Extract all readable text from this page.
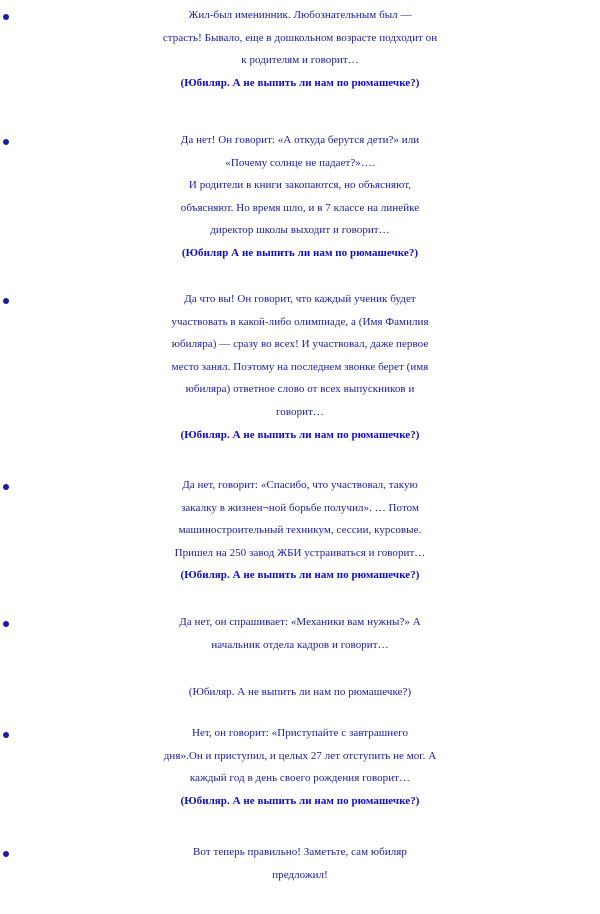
Жил-был именинник. Любознательным был —
страсть! Бывало, еще в дошкольном возрасте подходит он
к родителям и говорит…
(Юбиляр. А не выпить ли нам по рюмашечке?)
Да нет! Он говорит: «А откуда берутся дети?» или
«Почему солнце не падает?»….
И родители в книги закопаются, но объясняют,
объясняют. Но время шло, и в 7 классе на линейке
директор школы выходит и говорит…
(Юбиляр А не выпить ли нам по рюмашечке?)
Да что вы! Он говорит, что каждый ученик будет
участвовать в какой-либо олимпиаде, а (Имя Фамилия
юбиляра) — сразу во всех! И участвовал, даже первое
место занял. Поэтому на последнем звонке берет (имя
юбиляра) ответное слово от всех выпускников и
говорит…
(Юбиляр. А не выпить ли нам по рюмашечке?)
Да нет, говорит: «Спасибо, что участвовал, такую
закалку в жизнен¬ной борьбе получил». … Потом
машиностроительный техникум, сессии, курсовые.
Пришел на 250 завод ЖБИ устраиваться и говорит…
(Юбиляр. А не выпить ли нам по рюмашечке?)
Да нет, он спрашивает: «Механики вам нужны?» А
начальник отдела кадров и говорит…
(Юбиляр. А не выпить ли нам по рюмашечке?)
Нет, он говорит: «Приступайте с завтрашнего
дня».Он и приступил, и целых 27 лет отступить не мог. А
каждый год в день своего рождения говорит…
(Юбиляр. А не выпить ли нам по рюмашечке?)
Вот теперь правильно! Заметьте, сам юбиляр
предложил!
